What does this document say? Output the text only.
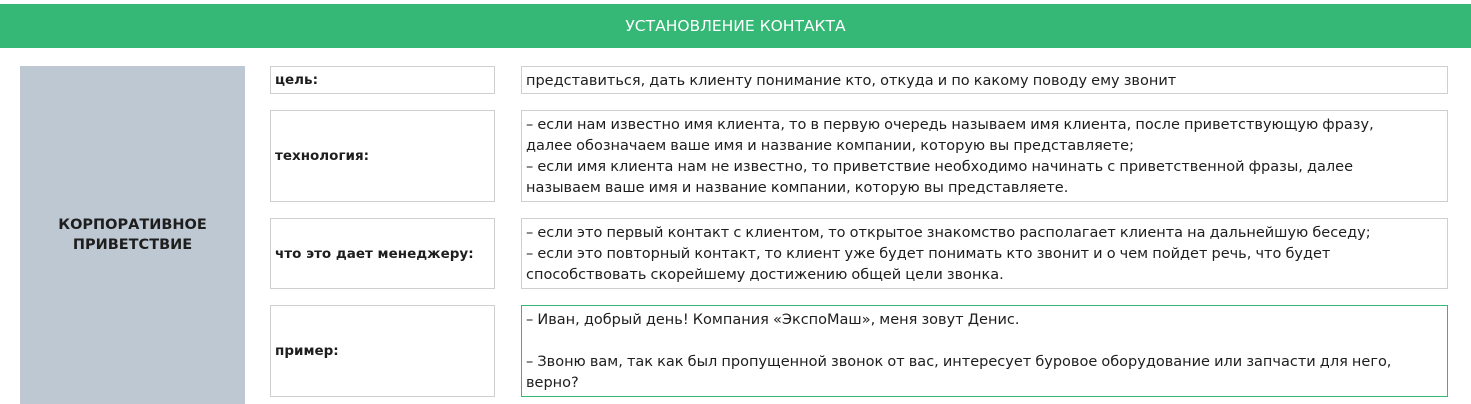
УСТАНОВЛЕНИЕ КОНТАКТА
КОРПОРАТИВНОЕ ПРИВЕТСТВИЕ
цель:	представиться, дать клиенту понимание кто, откуда и по какому поводу ему звонит
технология:
– если нам известно имя клиента, то в первую очередь называем имя клиента, после приветствующую фразу,
далее обозначаем ваше имя и название компании, которую вы представляете;
– если имя клиента нам не известно, то приветствие необходимо начинать с приветственной фразы, далее
называем ваше имя и название компании, которую вы представляете.
что это дает менеджеру:
– если это первый контакт с клиентом, то открытое знакомство располагает клиента на дальнейшую беседу;
– если это повторный контакт, то клиент уже будет понимать кто звонит и о чем пойдет речь, что будет
способствовать скорейшему достижению общей цели звонка.
пример:
– Иван, добрый день! Компания «ЭкспоМаш», меня зовут Денис.

– Звоню вам, так как был пропущенной звонок от вас, интересует буровое оборудование или запчасти для него,
верно?
